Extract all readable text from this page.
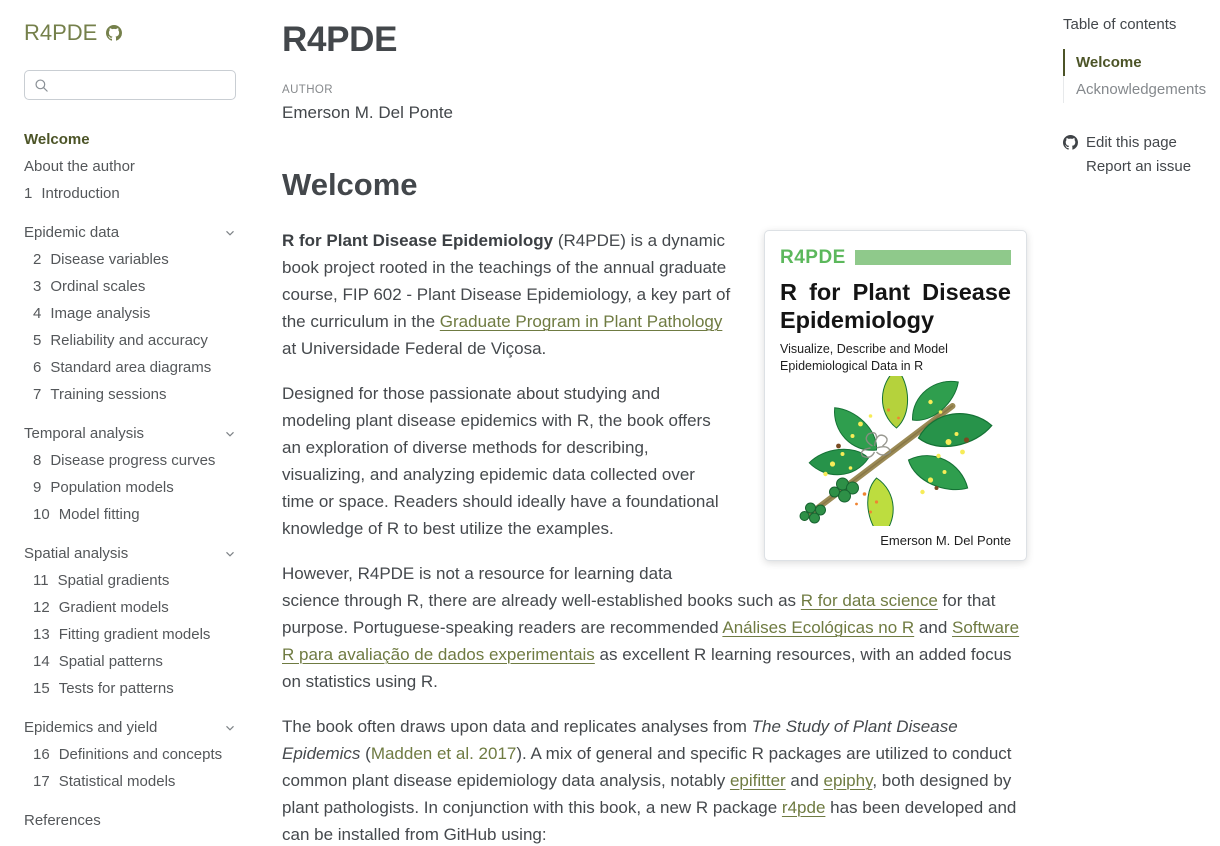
R4PDE
Welcome
About the author
1 Introduction
Epidemic data
2 Disease variables
3 Ordinal scales
4 Image analysis
5 Reliability and accuracy
6 Standard area diagrams
7 Training sessions
Temporal analysis
8 Disease progress curves
9 Population models
10 Model fitting
Spatial analysis
11 Spatial gradients
12 Gradient models
13 Fitting gradient models
14 Spatial patterns
15 Tests for patterns
Epidemics and yield
16 Definitions and concepts
17 Statistical models
References
R4PDE
AUTHOR
Emerson M. Del Ponte
Welcome
R4PDE
R for Plant Disease Epidemiology
Visualize, Describe and Model Epidemiological Data in R
Emerson M. Del Ponte

R for Plant Disease Epidemiology (R4PDE) is a dynamic book project rooted in the teachings of the annual graduate course, FIP 602 - Plant Disease Epidemiology, a key part of the curriculum in the Graduate Program in Plant Pathology at Universidade Federal de Viçosa.

Designed for those passionate about studying and modeling plant disease epidemics with R, the book offers an exploration of diverse methods for describing, visualizing, and analyzing epidemic data collected over time or space. Readers should ideally have a foundational knowledge of R to best utilize the examples.

However, R4PDE is not a resource for learning data science through R, there are already well-established books such as R for data science for that purpose. Portuguese-speaking readers are recommended Análises Ecológicas no R and Software R para avaliação de dados experimentais as excellent R learning resources, with an added focus on statistics using R.

The book often draws upon data and replicates analyses from The Study of Plant Disease Epidemics (Madden et al. 2017). A mix of general and specific R packages are utilized to conduct common plant disease epidemiology data analysis, notably epifitter and epiphy, both designed by plant pathologists. In conjunction with this book, a new R package r4pde has been developed and can be installed from GitHub using:

Table of contents
Welcome
Acknowledgements
Edit this page
Report an issue
